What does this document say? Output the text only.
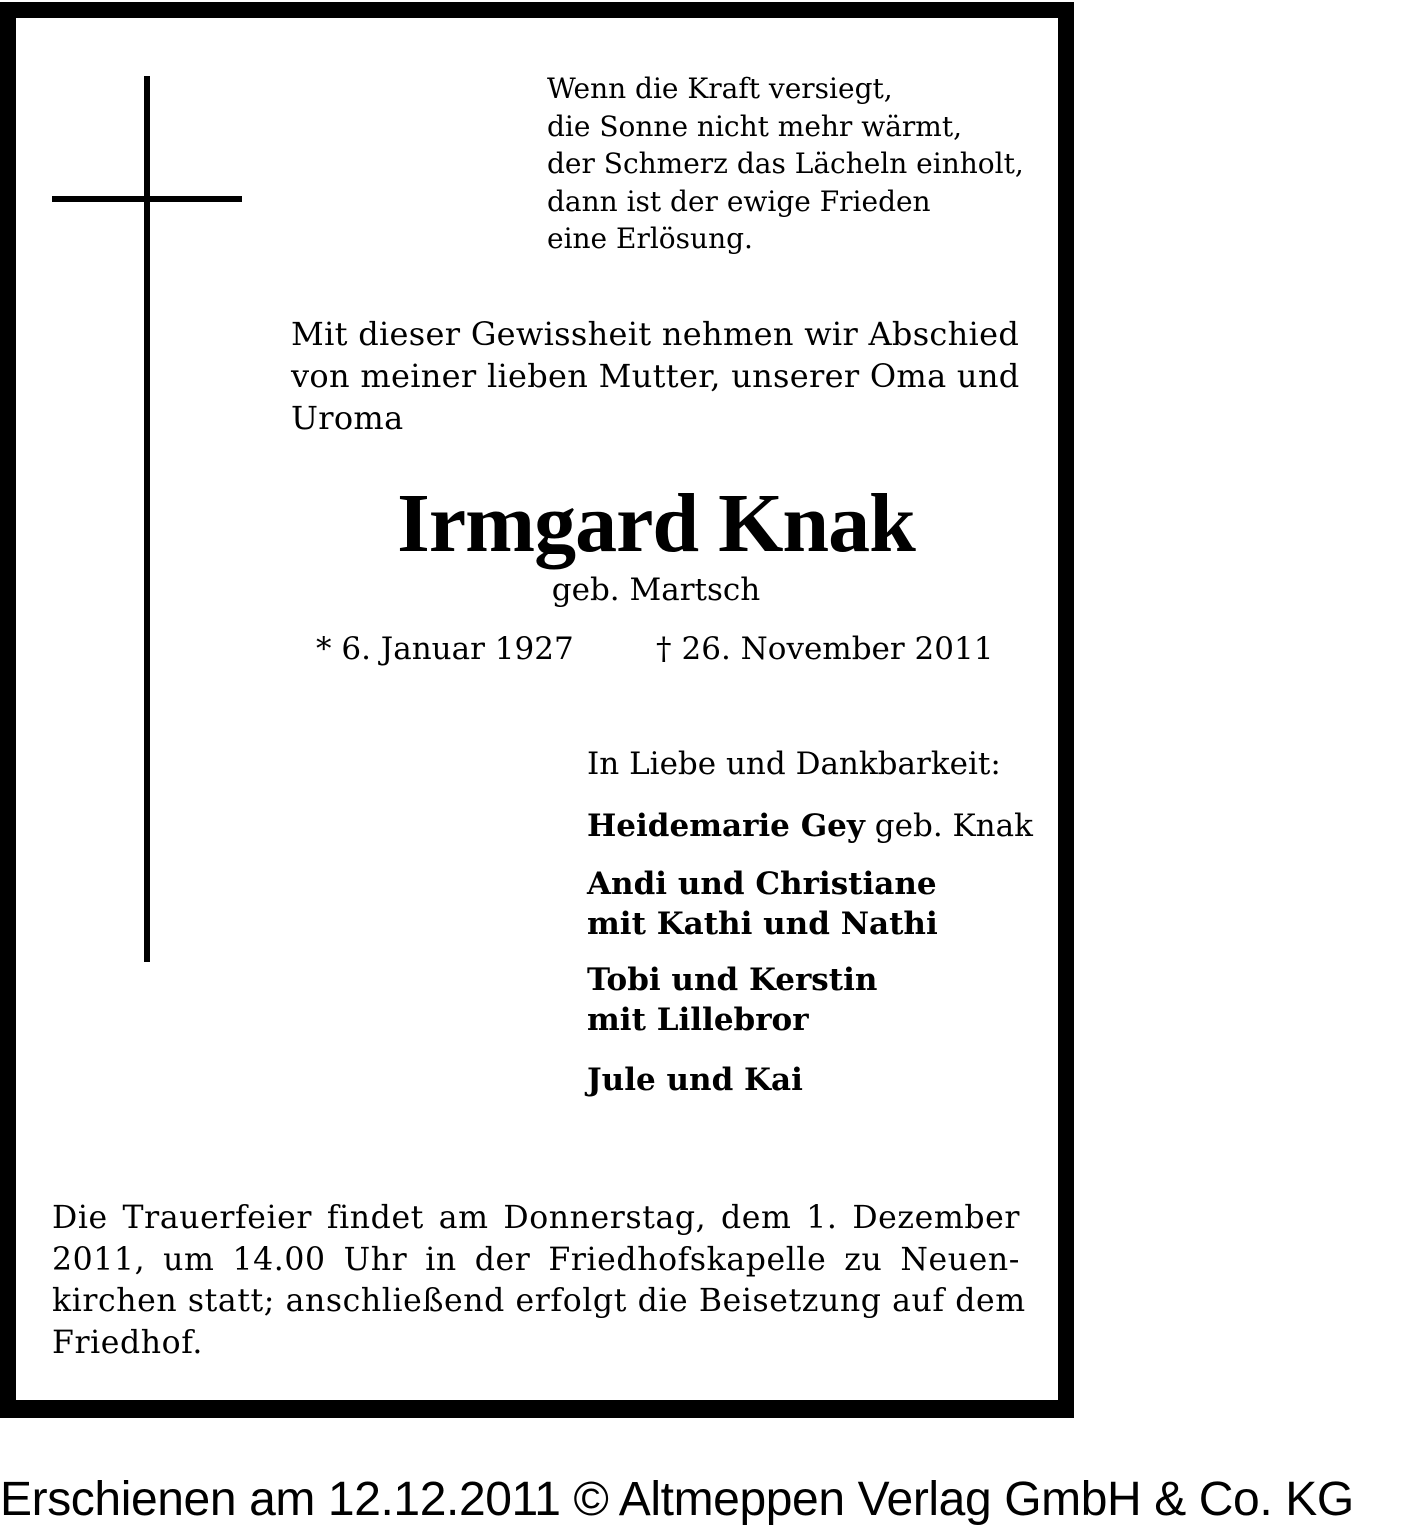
Wenn die Kraft versiegt,
die Sonne nicht mehr wärmt,
der Schmerz das Lächeln einholt,
dann ist der ewige Frieden
eine Erlösung.
Mit dieser Gewissheit nehmen wir Abschied
von meiner lieben Mutter, unserer Oma und
Uroma
Irmgard Knak
geb. Martsch
* 6. Januar 1927	† 26. November 2011
In Liebe und Dankbarkeit:
Heidemarie Gey geb. Knak
Andi und Christiane
mit Kathi und Nathi
Tobi und Kerstin
mit Lillebror
Jule und Kai
Die Trauerfeier findet am Donnerstag, dem 1. Dezember
2011, um 14.00 Uhr in der Friedhofskapelle zu Neuen-
kirchen statt; anschließend erfolgt die Beisetzung auf dem
Friedhof.
Erschienen am 12.12.2011 © Altmeppen Verlag GmbH & Co. KG
